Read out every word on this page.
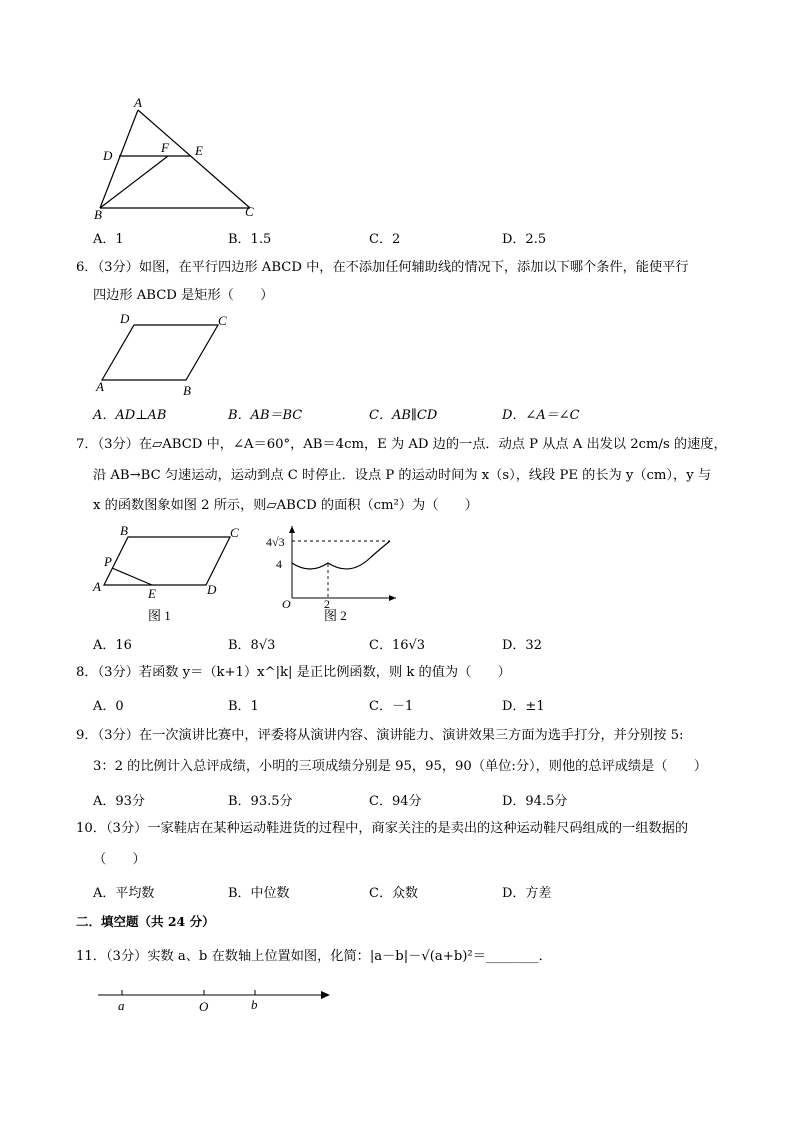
A
D
F E
B	C
A．1	B．1.5	C．2	D．2.5
6．（3分）如图，在平行四边形 ABCD 中，在不添加任何辅助线的情况下，添加以下哪个条件，能使平行
四边形 ABCD 是矩形（　　）
D	C
A	B
A．AD⊥AB	B．AB＝BC	C．AB∥CD	D．∠A＝∠C
7．（3分）在▱ABCD 中，∠A＝60°，AB＝4cm，E 为 AD 边的一点．动点 P 从点 A 出发以 2cm/s 的速度，
沿 AB→BC 匀速运动，运动到点 C 时停止．设点 P 的运动时间为 x（s），线段 PE 的长为 y（cm），y 与
x 的函数图象如图 2 所示，则▱ABCD 的面积（cm²）为（　　）
B	C
P
A	E	D
图 1
4√3
4
O	2
图 2
A．16	B．8√3	C．16√3	D．32
8．（3分）若函数 y＝（k+1）x^|k| 是正比例函数，则 k 的值为（　　）
A．0	B．1	C．－1	D．±1
9．（3分）在一次演讲比赛中，评委将从演讲内容、演讲能力、演讲效果三方面为选手打分，并分别按 5:
3：2 的比例计入总评成绩，小明的三项成绩分别是 95，95，90（单位:分），则他的总评成绩是（　　）
A．93分	B．93.5分	C．94分	D．94.5分
10．（3分）一家鞋店在某种运动鞋进货的过程中，商家关注的是卖出的这种运动鞋尺码组成的一组数据的
（　　）
A．平均数	B．中位数	C．众数	D．方差
二．填空题（共 24 分）
11．（3分）实数 a、b 在数轴上位置如图，化简：|a－b|－√(a+b)²＝________．
a	O	b
